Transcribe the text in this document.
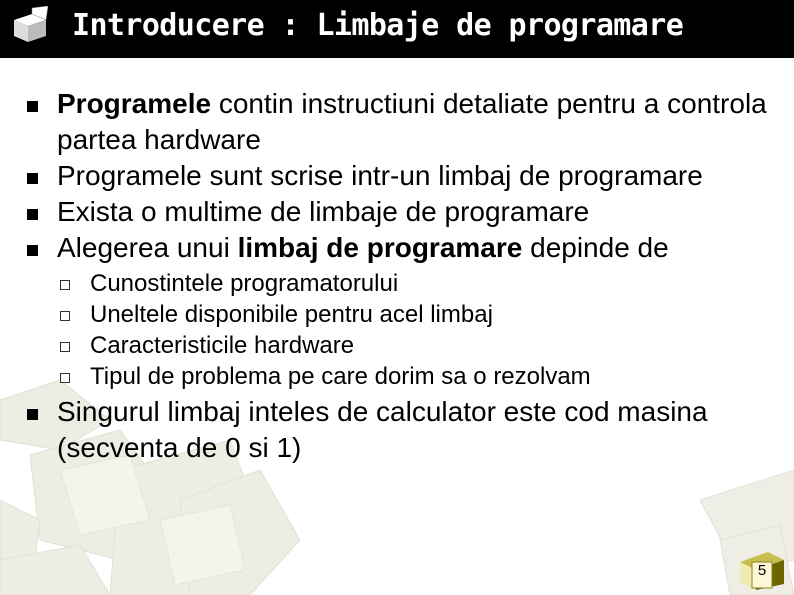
Introducere : Limbaje de programare
Programele contin instructiuni detaliate pentru a controla partea hardware
Programele sunt scrise intr-un limbaj de programare
Exista o multime de limbaje de programare
Alegerea unui limbaj de programare depinde de
Cunostintele programatorului
Uneltele disponibile pentru acel limbaj
Caracteristicile hardware
Tipul de problema pe care dorim sa o rezolvam
Singurul limbaj inteles de calculator este cod masina (secventa de 0 si 1)
5
